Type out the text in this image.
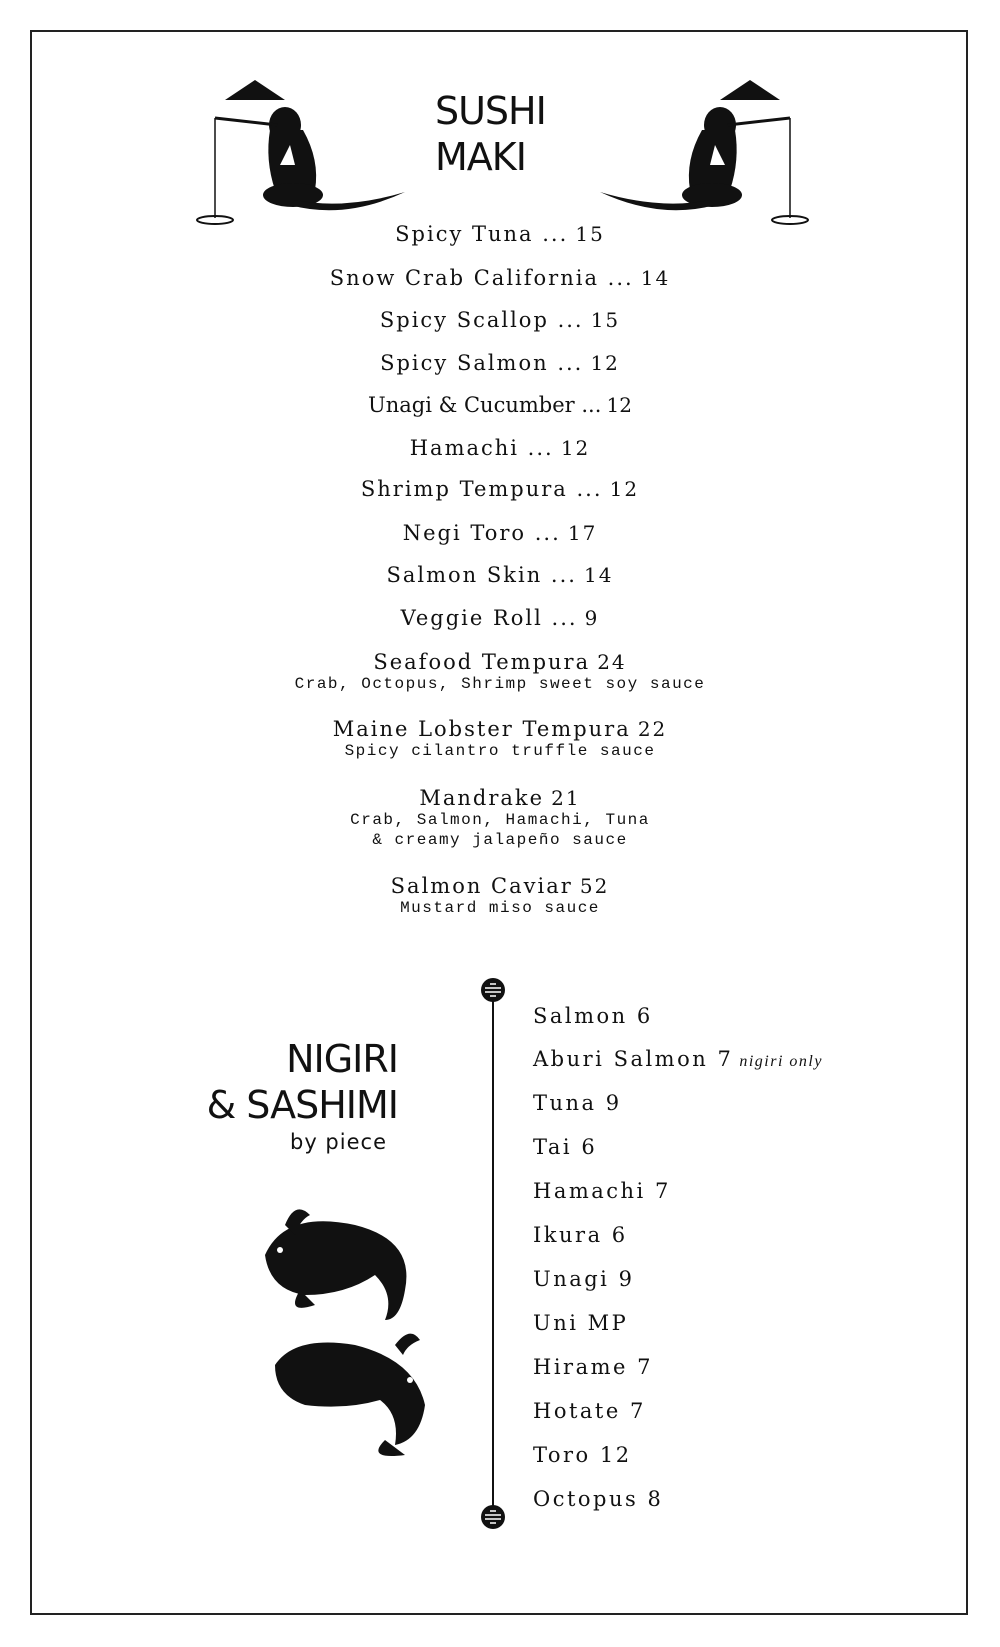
SUSHI
MAKI
Spicy Tuna ... 15
Snow Crab California ... 14
Spicy Scallop ... 15
Spicy Salmon ... 12
Unagi & Cucumber ... 12
Hamachi ... 12
Shrimp Tempura ... 12
Negi Toro ... 17
Salmon Skin ... 14
Veggie Roll ... 9
Seafood Tempura 24
Crab, Octopus, Shrimp sweet soy sauce
Maine Lobster Tempura 22
Spicy cilantro truffle sauce
Mandrake 21
Crab, Salmon, Hamachi, Tuna
& creamy jalapeño sauce
Salmon Caviar 52
Mustard miso sauce
NIGIRI
& SASHIMI
by piece
Salmon 6
Aburi Salmon 7 nigiri only
Tuna 9
Tai 6
Hamachi 7
Ikura 6
Unagi 9
Uni MP
Hirame 7
Hotate 7
Toro 12
Octopus 8
